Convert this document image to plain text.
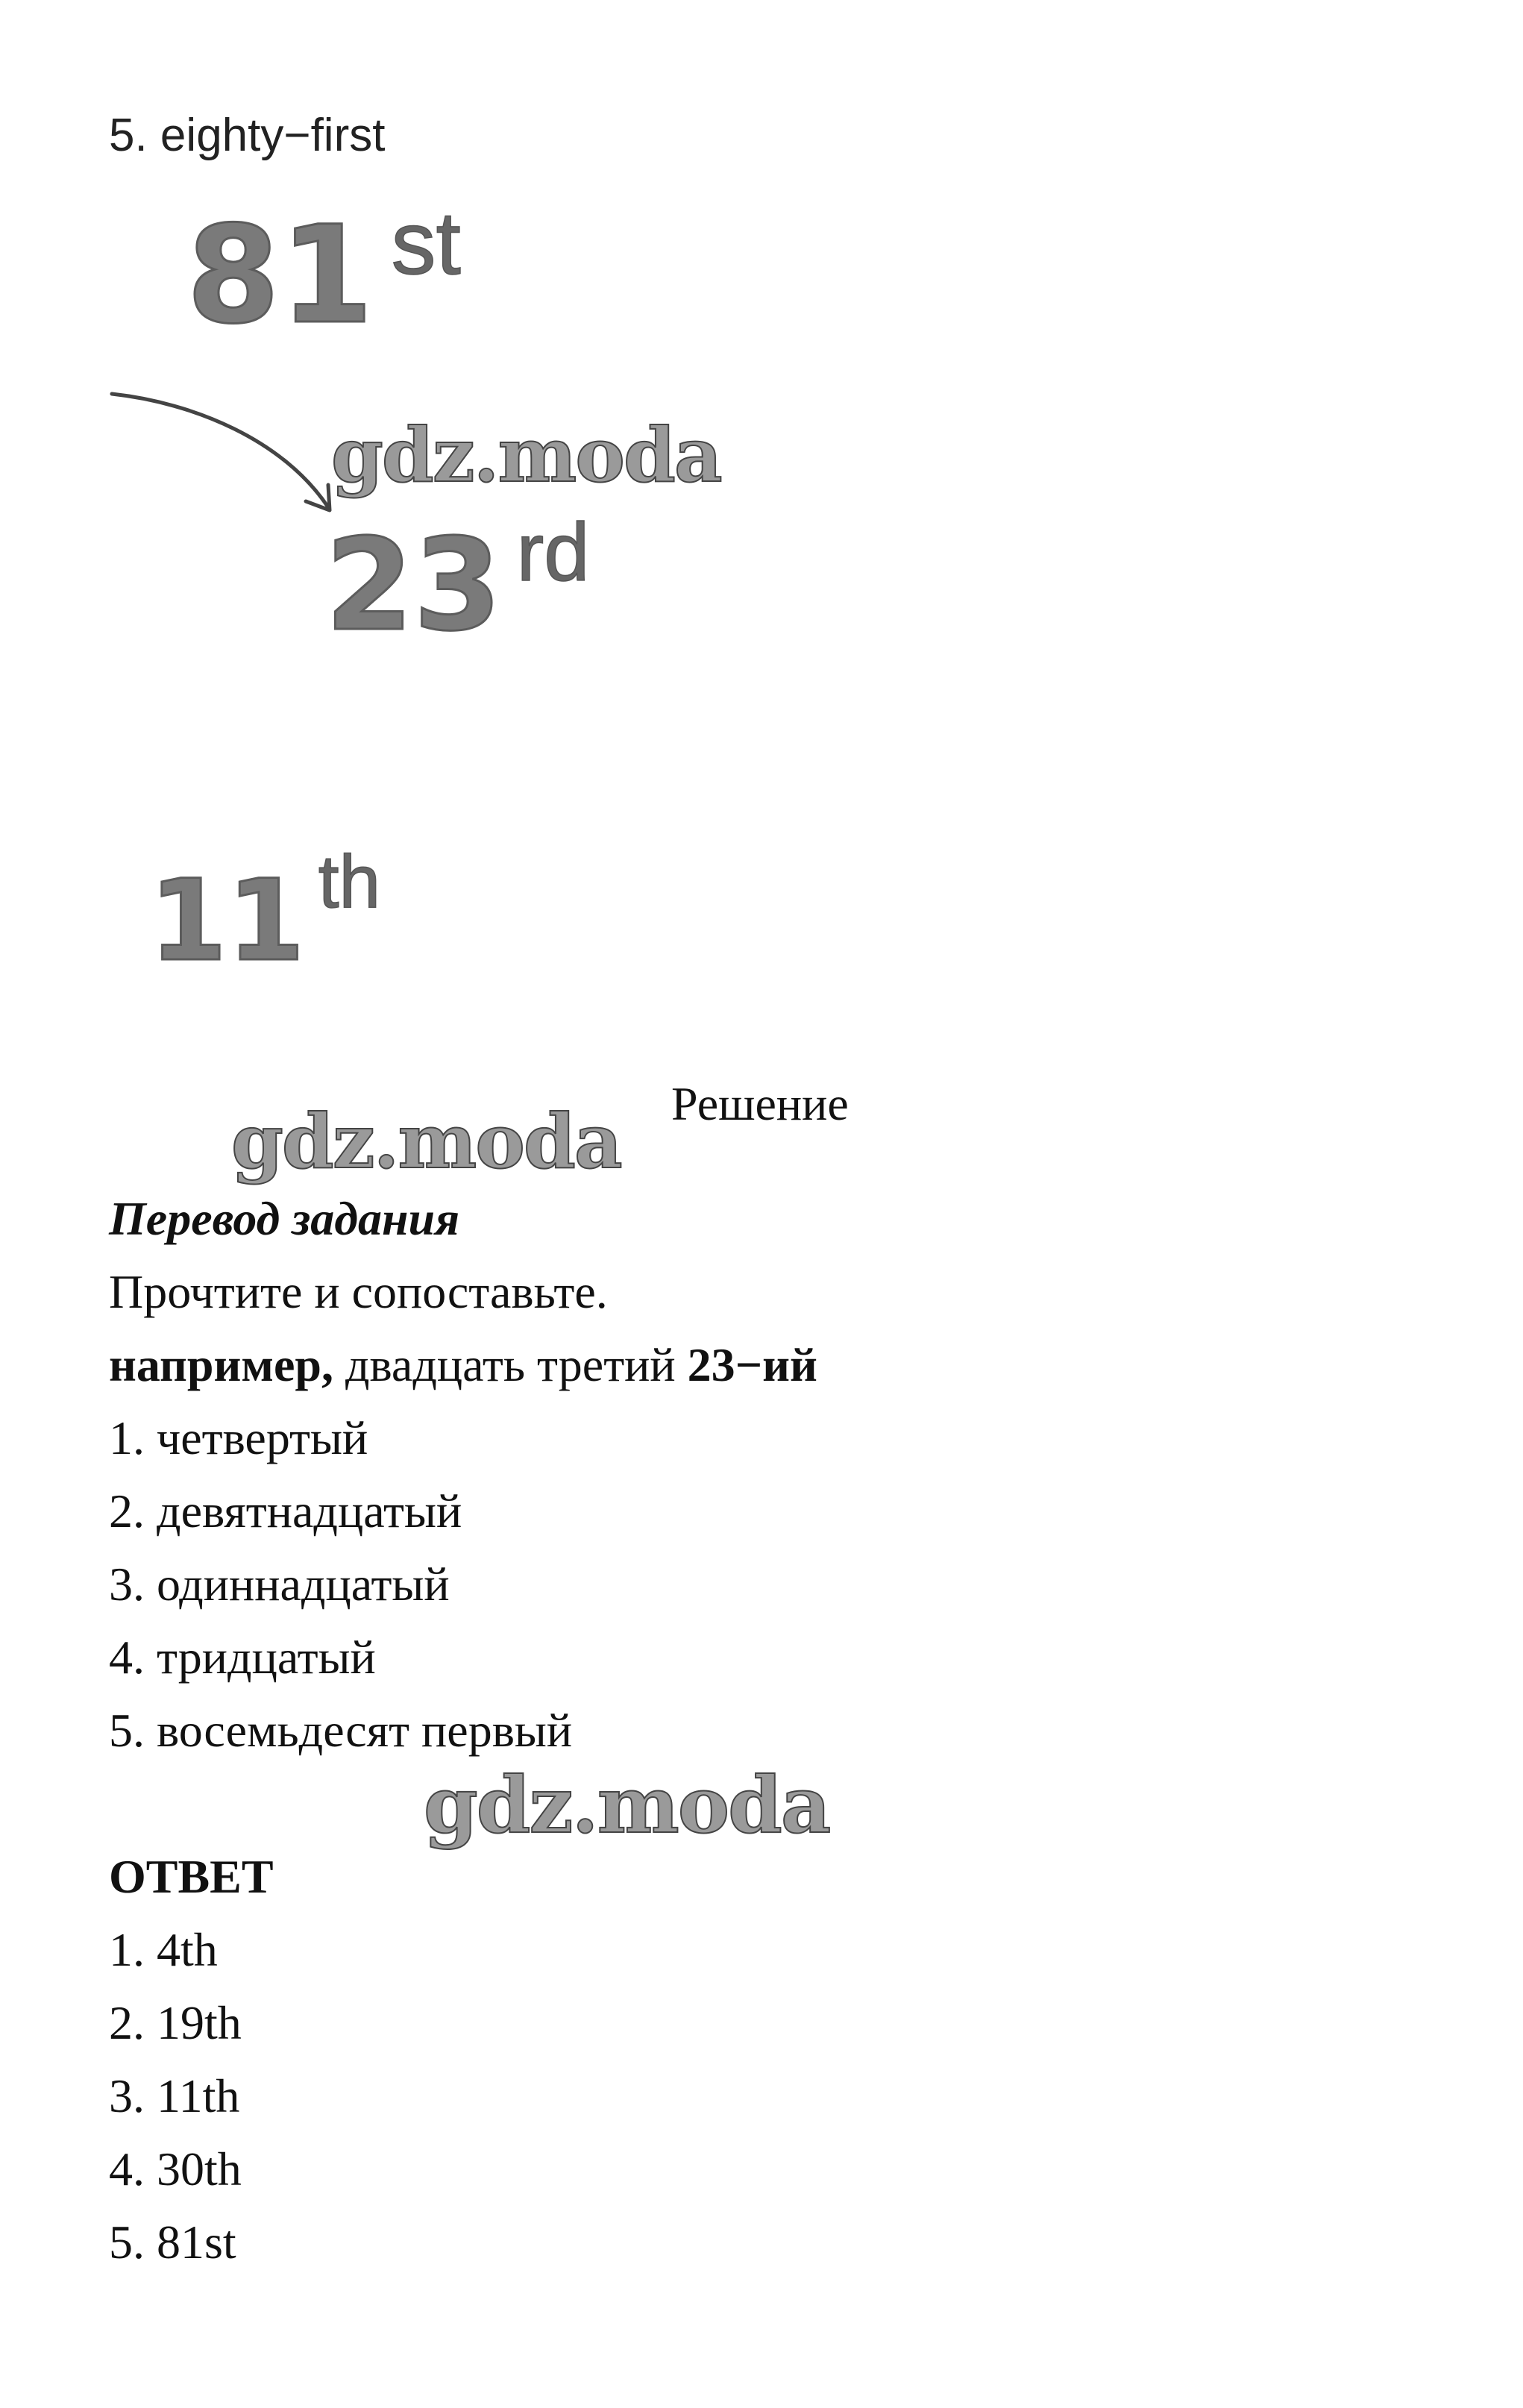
5. eighty−first
81 $^{st}$
gdz.moda
23 $^{rd}$
11 $^{th}$
gdz.moda Решение
Перевод задания
Прочтите и сопоставьте.
например, двадцать третий 23−ий
1. четвертый
2. девятнадцатый
3. одиннадцатый
4. тридцатый
5. восемьдесят первый
gdz.moda
ОТВЕТ
1. 4th
2. 19th
3. 11th
4. 30th
5. 81st
